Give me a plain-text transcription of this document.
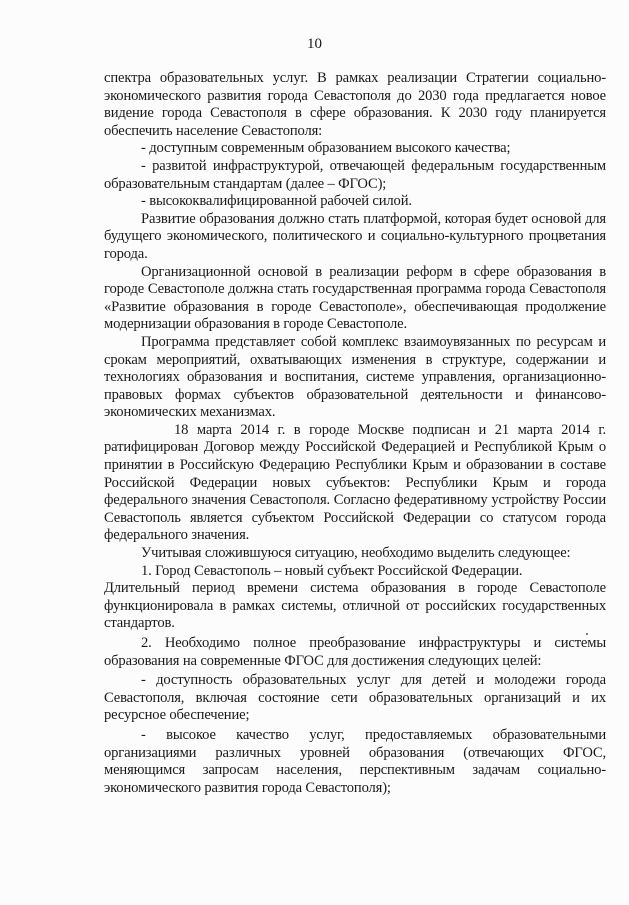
10

спектра образовательных услуг. В рамках реализации Стратегии социально-экономического развития города Севастополя до 2030 года предлагается новое видение города Севастополя в сфере образования. К 2030 году планируется обеспечить население Севастополя:

- доступным современным образованием высокого качества;

- развитой инфраструктурой, отвечающей федеральным государственным образовательным стандартам (далее – ФГОС);

- высококвалифицированной рабочей силой.

Развитие образования должно стать платформой, которая будет основой для будущего экономического, политического и социально-культурного процветания города.

Организационной основой в реализации реформ в сфере образования в городе Севастополе должна стать государственная программа города Севастополя «Развитие образования в городе Севастополе», обеспечивающая продолжение модернизации образования в городе Севастополе.

Программа представляет собой комплекс взаимоувязанных по ресурсам и срокам мероприятий, охватывающих изменения в структуре, содержании и технологиях образования и воспитания, системе управления, организационно-правовых формах субъектов образовательной деятельности и финансово-экономических механизмах.

18 марта 2014 г. в городе Москве подписан и 21 марта 2014 г. ратифицирован Договор между Российской Федерацией и Республикой Крым о принятии в Российскую Федерацию Республики Крым и образовании в составе Российской Федерации новых субъектов: Республики Крым и города федерального значения Севастополя. Согласно федеративному устройству России Севастополь является субъектом Российской Федерации со статусом города федерального значения.

Учитывая сложившуюся ситуацию, необходимо выделить следующее:

1. Город Севастополь – новый субъект Российской Федерации.

Длительный период времени система образования в городе Севастополе функционировала в рамках системы, отличной от российских государственных стандартов.

2. Необходимо полное преобразование инфраструктуры и системы образования на современные ФГОС для достижения следующих целей:

- доступность образовательных услуг для детей и молодежи города Севастополя, включая состояние сети образовательных организаций и их ресурсное обеспечение;

- высокое качество услуг, предоставляемых образовательными организациями различных уровней образования (отвечающих ФГОС, меняющимся запросам населения, перспективным задачам социально-экономического развития города Севастополя);
